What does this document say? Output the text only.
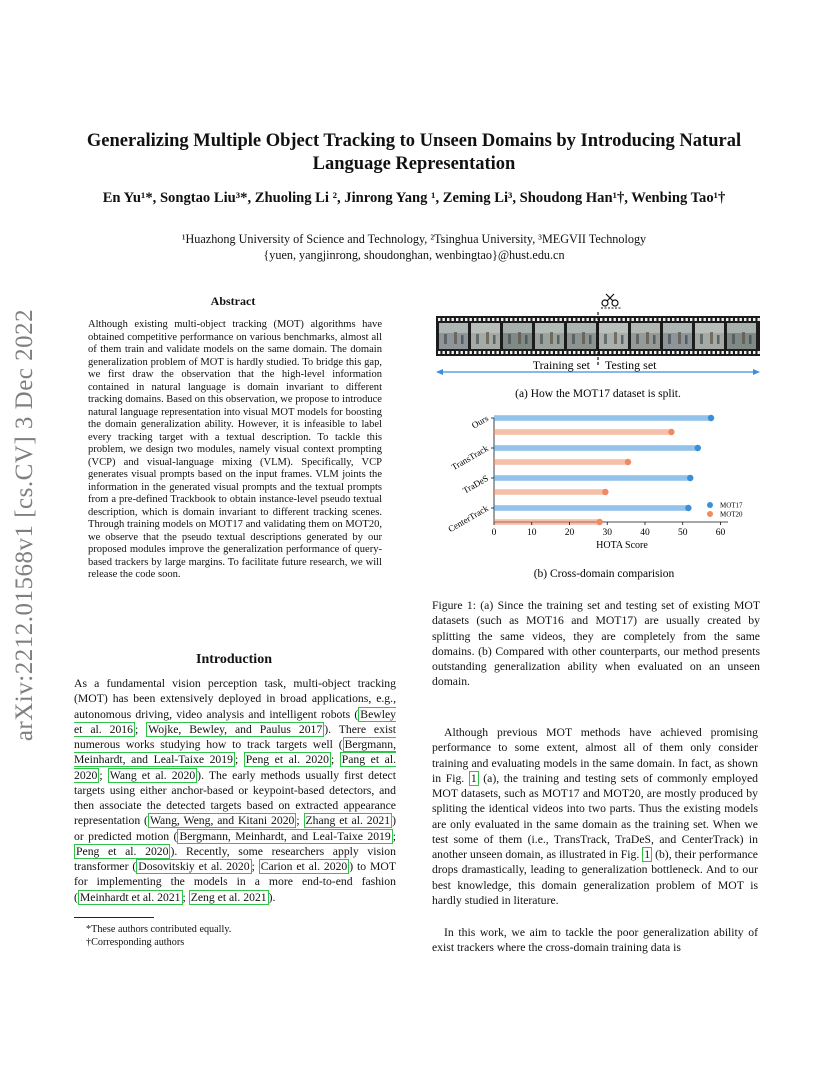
Generalizing Multiple Object Tracking to Unseen Domains by Introducing Natural Language Representation
En Yu¹*, Songtao Liu³*, Zhuoling Li ², Jinrong Yang ¹, Zeming Li³, Shoudong Han¹†, Wenbing Tao¹†
¹Huazhong University of Science and Technology, ²Tsinghua University, ³MEGVII Technology
{yuen, yangjinrong, shoudonghan, wenbingtao}@hust.edu.cn
arXiv:2212.01568v1 [cs.CV] 3 Dec 2022
Abstract
Although existing multi-object tracking (MOT) algorithms have obtained competitive performance on various benchmarks, almost all of them train and validate models on the same domain. The domain generalization problem of MOT is hardly studied. To bridge this gap, we first draw the observation that the high-level information contained in natural language is domain invariant to different tracking domains. Based on this observation, we propose to introduce natural language representation into visual MOT models for boosting the domain generalization ability. However, it is infeasible to label every tracking target with a textual description. To tackle this problem, we design two modules, namely visual context prompting (VCP) and visual-language mixing (VLM). Specifically, VCP generates visual prompts based on the input frames. VLM joints the information in the generated visual prompts and the textual prompts from a pre-defined Trackbook to obtain instance-level pseudo textual description, which is domain invariant to different tracking scenes. Through training models on MOT17 and validating them on MOT20, we observe that the pseudo textual descriptions generated by our proposed modules improve the generalization performance of query-based trackers by large margins. To facilitate future research, we will release the code soon.
Introduction
As a fundamental vision perception task, multi-object tracking (MOT) has been extensively deployed in broad applications, e.g., autonomous driving, video analysis and intelligent robots ( Bewley et al. 2016 ; Wojke, Bewley, and Paulus 2017 ). There exist numerous works studying how to track targets well ( Bergmann, Meinhardt, and Leal-Taixe 2019 ; Peng et al. 2020 ; Pang et al. 2020 ; Wang et al. 2020 ). The early methods usually first detect targets using either anchor-based or keypoint-based detectors, and then associate the detected targets based on extracted appearance representation ( Wang, Weng, and Kitani 2020 ; Zhang et al. 2021 ) or predicted motion ( Bergmann, Meinhardt, and Leal-Taixe 2019 ; Peng et al. 2020 ). Recently, some researchers apply vision transformer ( Dosovitskiy et al. 2020 ; Carion et al. 2020 ) to MOT for implementing the models in a more end-to-end fashion ( Meinhardt et al. 2021 ; Zeng et al. 2021 ).
*These authors contributed equally.
†Corresponding authors
Training set Testing set
(a) How the MOT17 dataset is split.
0	10	20	30	40	50	60
Ours
TransTrack
TraDeS
CenterTrack
HOTA Score
MOT17
MOT20
(b) Cross-domain comparision
Figure 1: (a) Since the training set and testing set of existing MOT datasets (such as MOT16 and MOT17) are usually created by splitting the same videos, they are completely from the same domains. (b) Compared with other counterparts, our method presents outstanding generalization ability when evaluated on an unseen domain.
Although previous MOT methods have achieved promising performance to some extent, almost all of them only consider training and evaluating models in the same domain. In fact, as shown in Fig. 1 (a), the training and testing sets of commonly employed MOT datasets, such as MOT17 and MOT20, are mostly produced by spliting the identical videos into two parts. Thus the existing models are only evaluated in the same domain as the training set. When we test some of them (i.e., TransTrack, TraDeS, and CenterTrack) in another unseen domain, as illustrated in Fig. 1 (b), their performance drops dramastically, leading to generalization bottleneck. And to our best knowledge, this domain generalization problem of MOT is hardly studied in literature.
In this work, we aim to tackle the poor generalization ability of exist trackers where the cross-domain training data is
